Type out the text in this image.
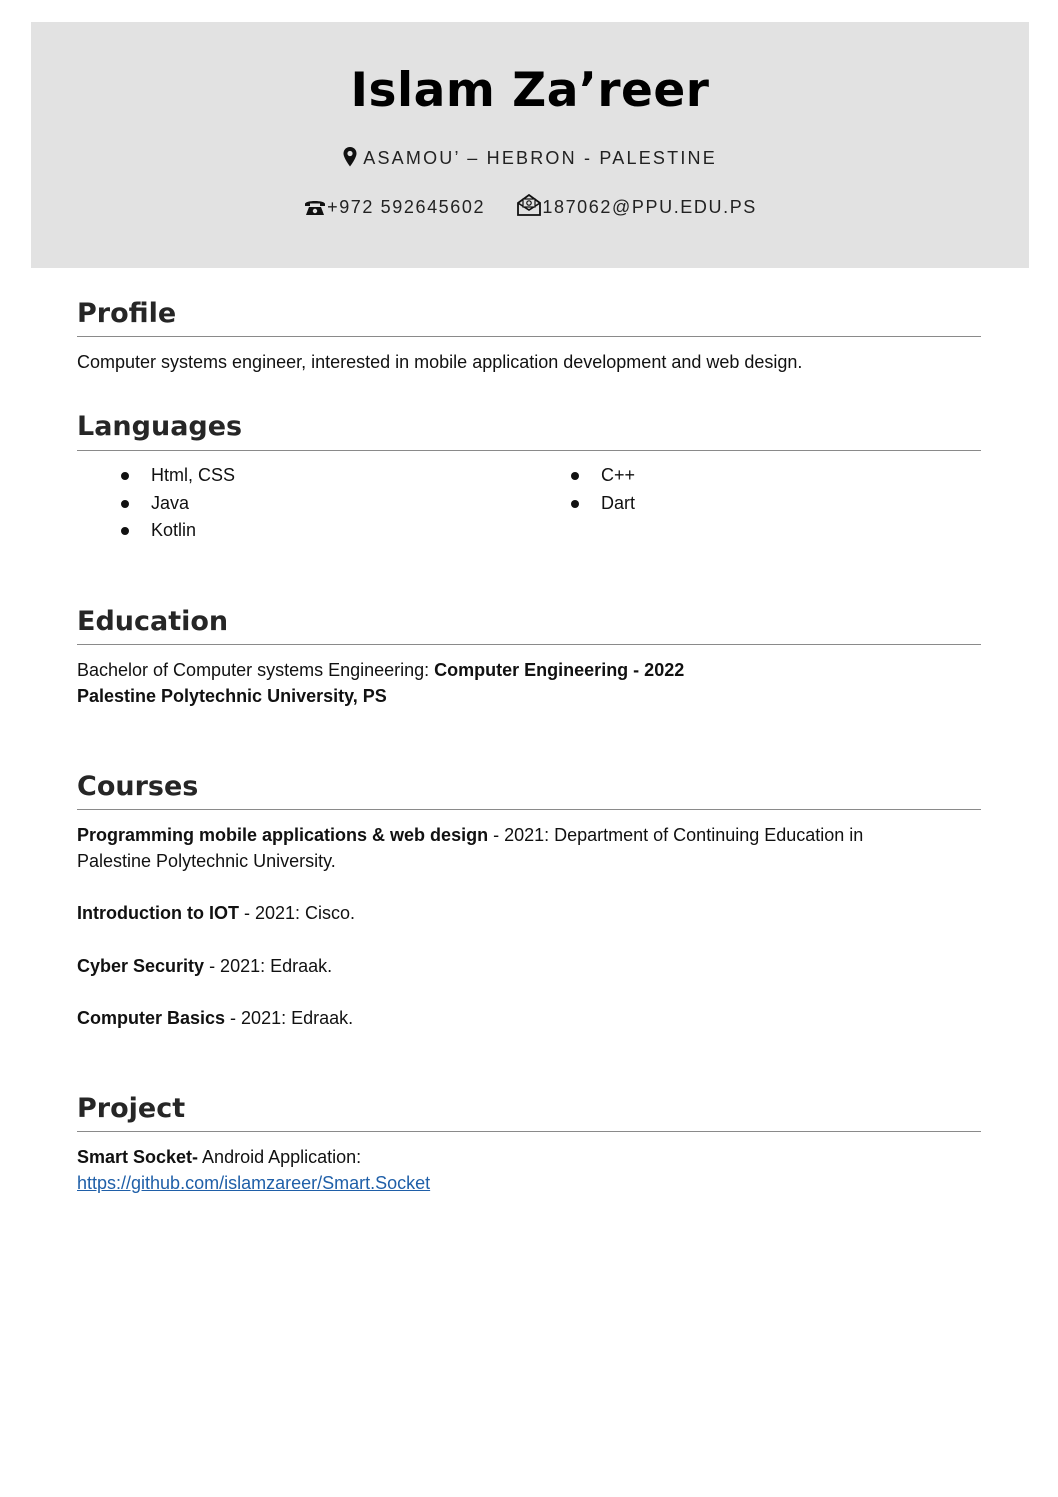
Islam Za’reer
ASAMOU’ – HEBRON - PALESTINE
+972 592645602	187062@PPU.EDU.PS
Profile
Computer systems engineer, interested in mobile application development and web design.
Languages
Html, CSS
Java
Kotlin
C++
Dart
Education
Bachelor of Computer systems Engineering: Computer Engineering - 2022
Palestine Polytechnic University, PS
Courses
Programming mobile applications & web design - 2021: Department of Continuing Education in
Palestine Polytechnic University.
Introduction to IOT - 2021: Cisco.
Cyber Security - 2021: Edraak.
Computer Basics - 2021: Edraak.
Project
Smart Socket- Android Application:
https://github.com/islamzareer/Smart.Socket
